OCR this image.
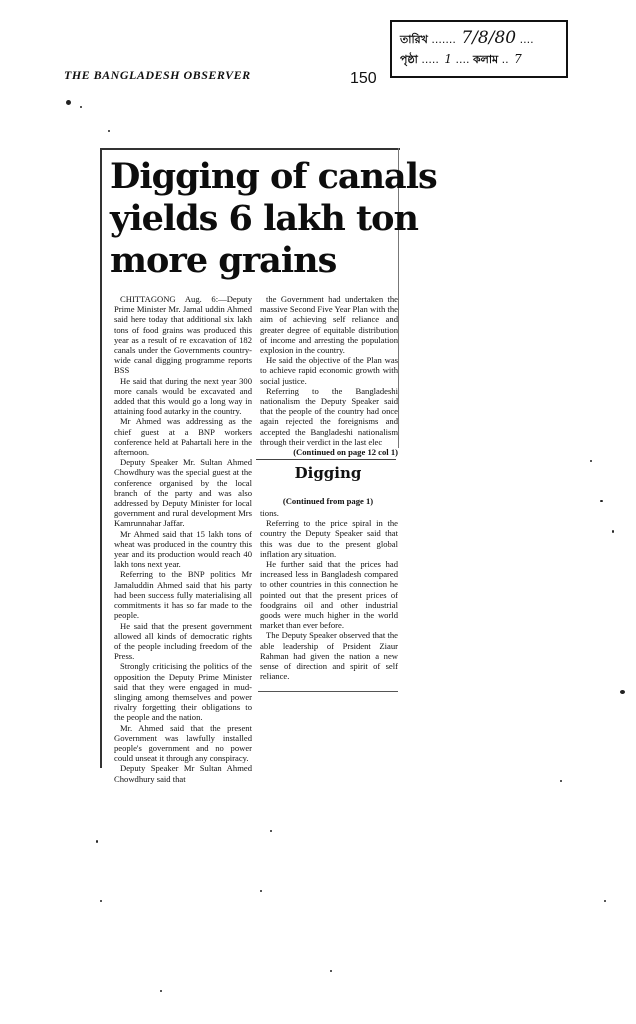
তারিখ ....... 7/8/80 ....
পৃষ্ঠা ..... 1 .... কলাম .. 7
THE BANGLADESH OBSERVER	150
Digging of canals
yields 6 lakh ton
more grains

CHITTAGONG Aug. 6:—Deputy Prime Minister Mr. Jamal uddin Ahmed said here today that additional six lakh tons of food grains was produced this year as a result of re excavation of 182 canals under the Governments country-wide canal digging programme reports BSS

He said that during the next year 300 more canals would be excavated and added that this would go a long way in attaining food autarky in the country.

Mr Ahmed was addressing as the chief guest at a BNP workers conference held at Pahartali here in the afternoon.

Deputy Speaker Mr. Sultan Ahmed Chowdhury was the special guest at the conference organised by the local branch of the party and was also addressed by Deputy Minister for local government and rural development Mrs Kamrunnahar Jaffar.

Mr Ahmed said that 15 lakh tons of wheat was produced in the country this year and its production would reach 40 lakh tons next year.

Referring to the BNP politics Mr Jamaluddin Ahmed said that his party had been success fully materialising all commitments it has so far made to the people.

He said that the present government allowed all kinds of democratic rights of the people including freedom of the Press.

Strongly criticising the politics of the opposition the Deputy Prime Minister said that they were engaged in mud-slinging among themselves and power rivalry forgetting their obligations to the people and the nation.

Mr. Ahmed said that the present Government was lawfully installed people's government and no power could unseat it through any conspiracy.

Deputy Speaker Mr Sultan Ahmed Chowdhury said that

the Government had undertaken the massive Second Five Year Plan with the aim of achieving self reliance and greater degree of equitable distribution of income and arresting the population explosion in the country.

He said the objective of the Plan was to achieve rapid economic growth with social justice.

Referring to the Bangladeshi nationalism the Deputy Speaker said that the people of the country had once again rejected the foreignisms and accepted the Bangladeshi nationalism through their verdict in the last elec

(Continued on page 12 col 1)

Digging
(Continued from page 1)

tions.

Referring to the price spiral in the country the Deputy Speaker said that this was due to the present global inflation ary situation.

He further said that the prices had increased less in Bangladesh compared to other countries in this connection he pointed out that the present prices of foodgrains oil and other industrial goods were much higher in the world market than ever before.

The Deputy Speaker observed that the able leadership of Prsident Ziaur Rahman had given the nation a new sense of direction and spirit of self reliance.
